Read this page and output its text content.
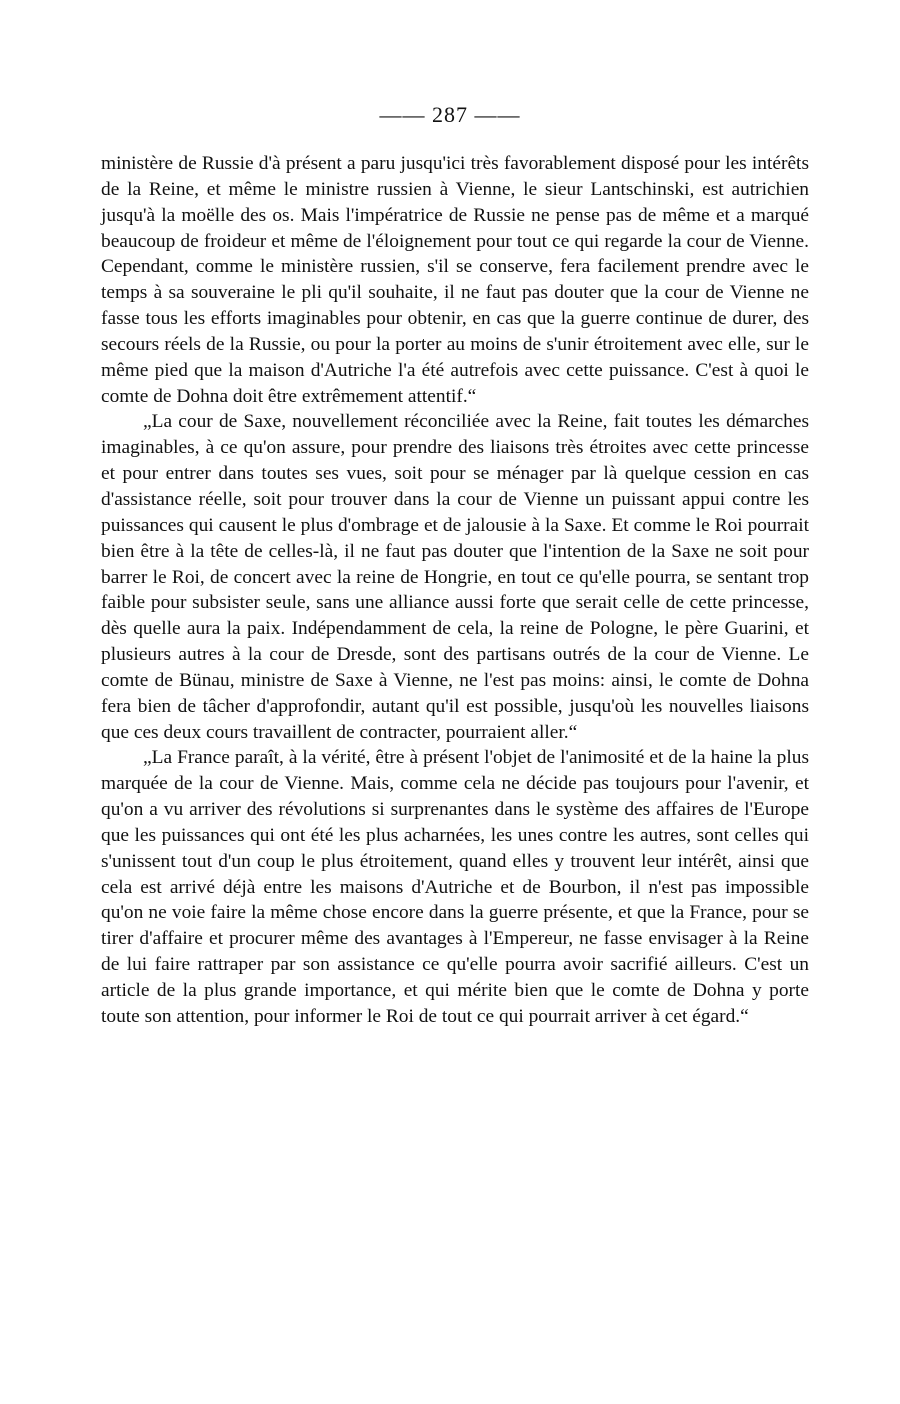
—— 287 ——

ministère de Russie d'à présent a paru jusqu'ici très favorablement disposé pour les intérêts de la Reine, et même le ministre russien à Vienne, le sieur Lantschinski, est autrichien jusqu'à la moëlle des os. Mais l'impératrice de Russie ne pense pas de même et a marqué beaucoup de froideur et même de l'éloignement pour tout ce qui regarde la cour de Vienne. Cependant, comme le ministère russien, s'il se conserve, fera facilement prendre avec le temps à sa souveraine le pli qu'il souhaite, il ne faut pas douter que la cour de Vienne ne fasse tous les efforts imaginables pour obtenir, en cas que la guerre continue de durer, des secours réels de la Russie, ou pour la porter au moins de s'unir étroitement avec elle, sur le même pied que la maison d'Autriche l'a été autrefois avec cette puissance. C'est à quoi le comte de Dohna doit être extrêmement attentif.“

„La cour de Saxe, nouvellement réconciliée avec la Reine, fait toutes les démarches imaginables, à ce qu'on assure, pour prendre des liaisons très étroites avec cette princesse et pour entrer dans toutes ses vues, soit pour se ménager par là quelque cession en cas d'assistance réelle, soit pour trouver dans la cour de Vienne un puissant appui contre les puissances qui causent le plus d'ombrage et de jalousie à la Saxe. Et comme le Roi pourrait bien être à la tête de celles-là, il ne faut pas douter que l'intention de la Saxe ne soit pour barrer le Roi, de concert avec la reine de Hongrie, en tout ce qu'elle pourra, se sentant trop faible pour subsister seule, sans une alliance aussi forte que serait celle de cette princesse, dès quelle aura la paix. Indépendamment de cela, la reine de Pologne, le père Guarini, et plusieurs autres à la cour de Dresde, sont des partisans outrés de la cour de Vienne. Le comte de Bünau, ministre de Saxe à Vienne, ne l'est pas moins: ainsi, le comte de Dohna fera bien de tâcher d'approfondir, autant qu'il est possible, jusqu'où les nouvelles liaisons que ces deux cours travaillent de contracter, pourraient aller.“

„La France paraît, à la vérité, être à présent l'objet de l'animosité et de la haine la plus marquée de la cour de Vienne. Mais, comme cela ne décide pas toujours pour l'avenir, et qu'on a vu arriver des révolutions si surprenantes dans le système des affaires de l'Europe que les puissances qui ont été les plus acharnées, les unes contre les autres, sont celles qui s'unissent tout d'un coup le plus étroitement, quand elles y trouvent leur intérêt, ainsi que cela est arrivé déjà entre les maisons d'Autriche et de Bourbon, il n'est pas impossible qu'on ne voie faire la même chose encore dans la guerre présente, et que la France, pour se tirer d'affaire et procurer même des avantages à l'Empereur, ne fasse envisager à la Reine de lui faire rattraper par son assistance ce qu'elle pourra avoir sacrifié ailleurs. C'est un article de la plus grande importance, et qui mérite bien que le comte de Dohna y porte toute son attention, pour informer le Roi de tout ce qui pourrait arriver à cet égard.“
